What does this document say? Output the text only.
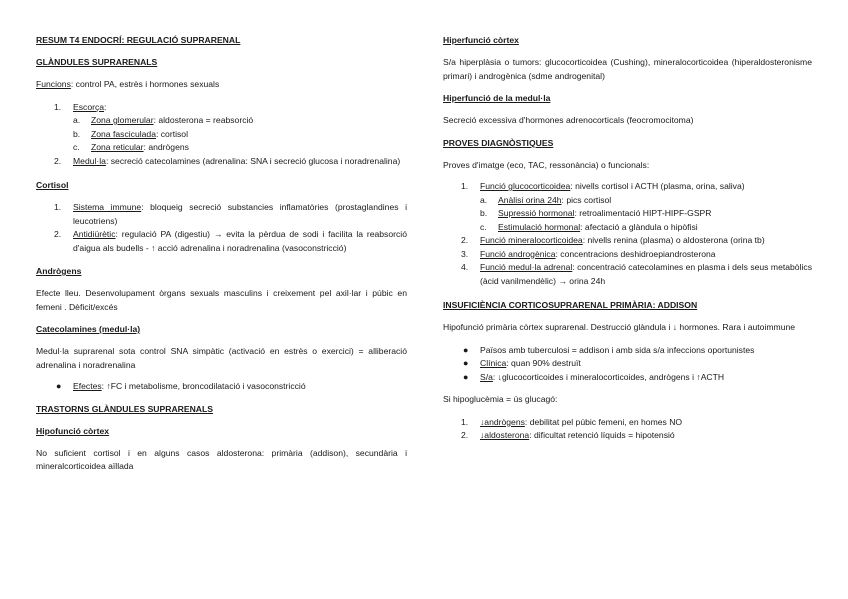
RESUM T4 ENDOCRÍ: REGULACIÓ SUPRARENAL

GLÀNDULES SUPRARENALS

Funcions: control PA, estrès i hormones sexuals

1. Escorça:
a. Zona glomerular: aldosterona = reabsorció
b. Zona fasciculada: cortisol
c. Zona reticular: andrògens
2. Medul·la: secreció catecolamines (adrenalina: SNA i secreció glucosa i noradrenalina)

Cortisol

1. Sistema immune: bloqueig secreció substancies inflamatòries (prostaglandines i leucotriens)
2. Antidiürètic: regulació PA (digestiu) → evita la pèrdua de sodi i facilita la reabsorció d'aigua als budells - ↑ acció adrenalina i noradrenalina (vasoconstricció)

Andrògens

Efecte lleu. Desenvolupament òrgans sexuals masculins i creixement pel axil·lar i púbic en femeni . Dèficit/excés

Catecolamines (medul·la)

Medul·la suprarenal sota control SNA simpàtic (activació en estrès o exercici) = alliberació adrenalina i noradrenalina

● Efectes: ↑FC i metabolisme, broncodilatació i vasoconstricció

TRASTORNS GLÀNDULES SUPRARENALS

Hipofunció còrtex

No suficient cortisol i en alguns casos aldosterona: primària (addison), secundària i mineralcorticoidea aïllada

Hiperfunció còrtex

S/a hiperplàsia o tumors: glucocorticoidea (Cushing), mineralocorticoidea (hiperaldosteronisme primari) i androgènica (sdme androgenital)

Hiperfunció de la medul·la

Secreció excessiva d'hormones adrenocorticals (feocromocitoma)

PROVES DIAGNÒSTIQUES

Proves d'imatge (eco, TAC, ressonància) o funcionals:

1. Funció glucocorticoidea: nivells cortisol i ACTH (plasma, orina, saliva)
a. Anàlisi orina 24h: pics cortisol
b. Supressió hormonal: retroalimentació HIPT-HIPF-GSPR
c. Estimulació hormonal: afectació a glàndula o hipòfisi
2. Funció mineralocorticoidea: nivells renina (plasma) o aldosterona (orina tb)
3. Funció androgènica: concentracions deshidroepiandrosterona
4. Funció medul·la adrenal: concentració catecolamines en plasma i dels seus metabòlics (àcid vanilmendèlic) → orina 24h

INSUFICIÈNCIA CORTICOSUPRARENAL PRIMÀRIA: ADDISON

Hipofunció primària còrtex suprarenal. Destrucció glàndula i ↓ hormones. Rara i autoimmune

● Països amb tuberculosi = addison i amb sida s/a infeccions oportunistes
● Clínica: quan 90% destruït
● S/a: ↓glucocorticoides i mineralocorticoides, andrògens i ↑ACTH

Si hipoglucèmia = ús glucagó:

1. ↓andrògens: debilitat pel púbic femeni, en homes NO
2. ↓aldosterona: dificultat retenció líquids = hipotensió
